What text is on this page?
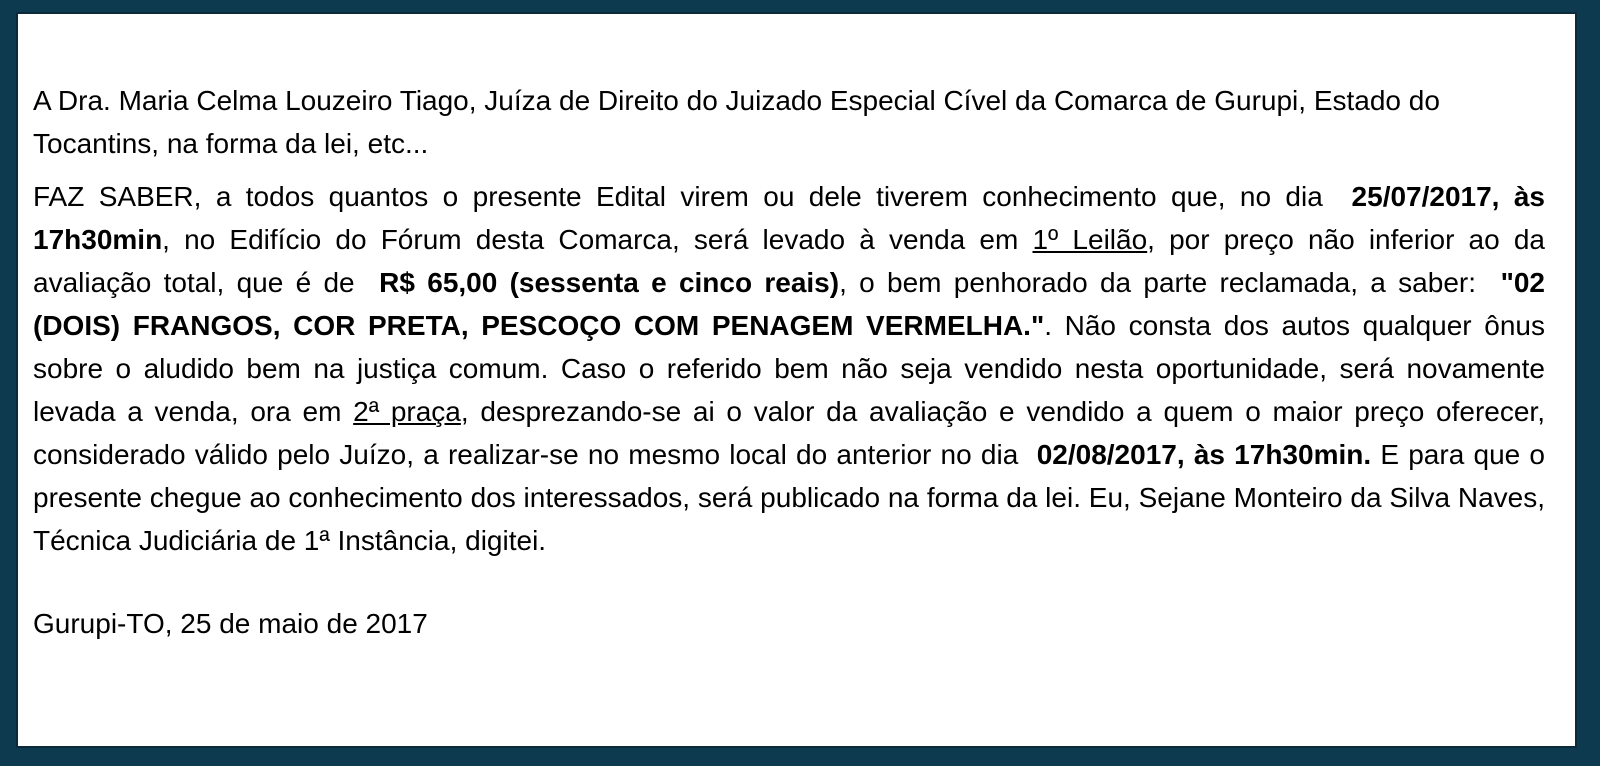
A Dra. Maria Celma Louzeiro Tiago, Juíza de Direito do Juizado Especial Cível da Comarca de Gurupi, Estado do Tocantins, na forma da lei, etc...

FAZ SABER, a todos quantos o presente Edital virem ou dele tiverem conhecimento que, no dia  25/07/2017, às 17h30min, no Edifício do Fórum desta Comarca, será levado à venda em 1º Leilão, por preço não inferior ao da avaliação total, que é de  R$ 65,00 (sessenta e cinco reais), o bem penhorado da parte reclamada, a saber:  "02 (DOIS) FRANGOS, COR PRETA, PESCOÇO COM PENAGEM VERMELHA.". Não consta dos autos qualquer ônus sobre o aludido bem na justiça comum. Caso o referido bem não seja vendido nesta oportunidade, será novamente levada a venda, ora em 2ª praça, desprezando-se ai o valor da avaliação e vendido a quem o maior preço oferecer, considerado válido pelo Juízo, a realizar-se no mesmo local do anterior no dia  02/08/2017, às 17h30min. E para que o presente chegue ao conhecimento dos interessados, será publicado na forma da lei. Eu, Sejane Monteiro da Silva Naves, Técnica Judiciária de 1ª Instância, digitei.

Gurupi-TO, 25 de maio de 2017
